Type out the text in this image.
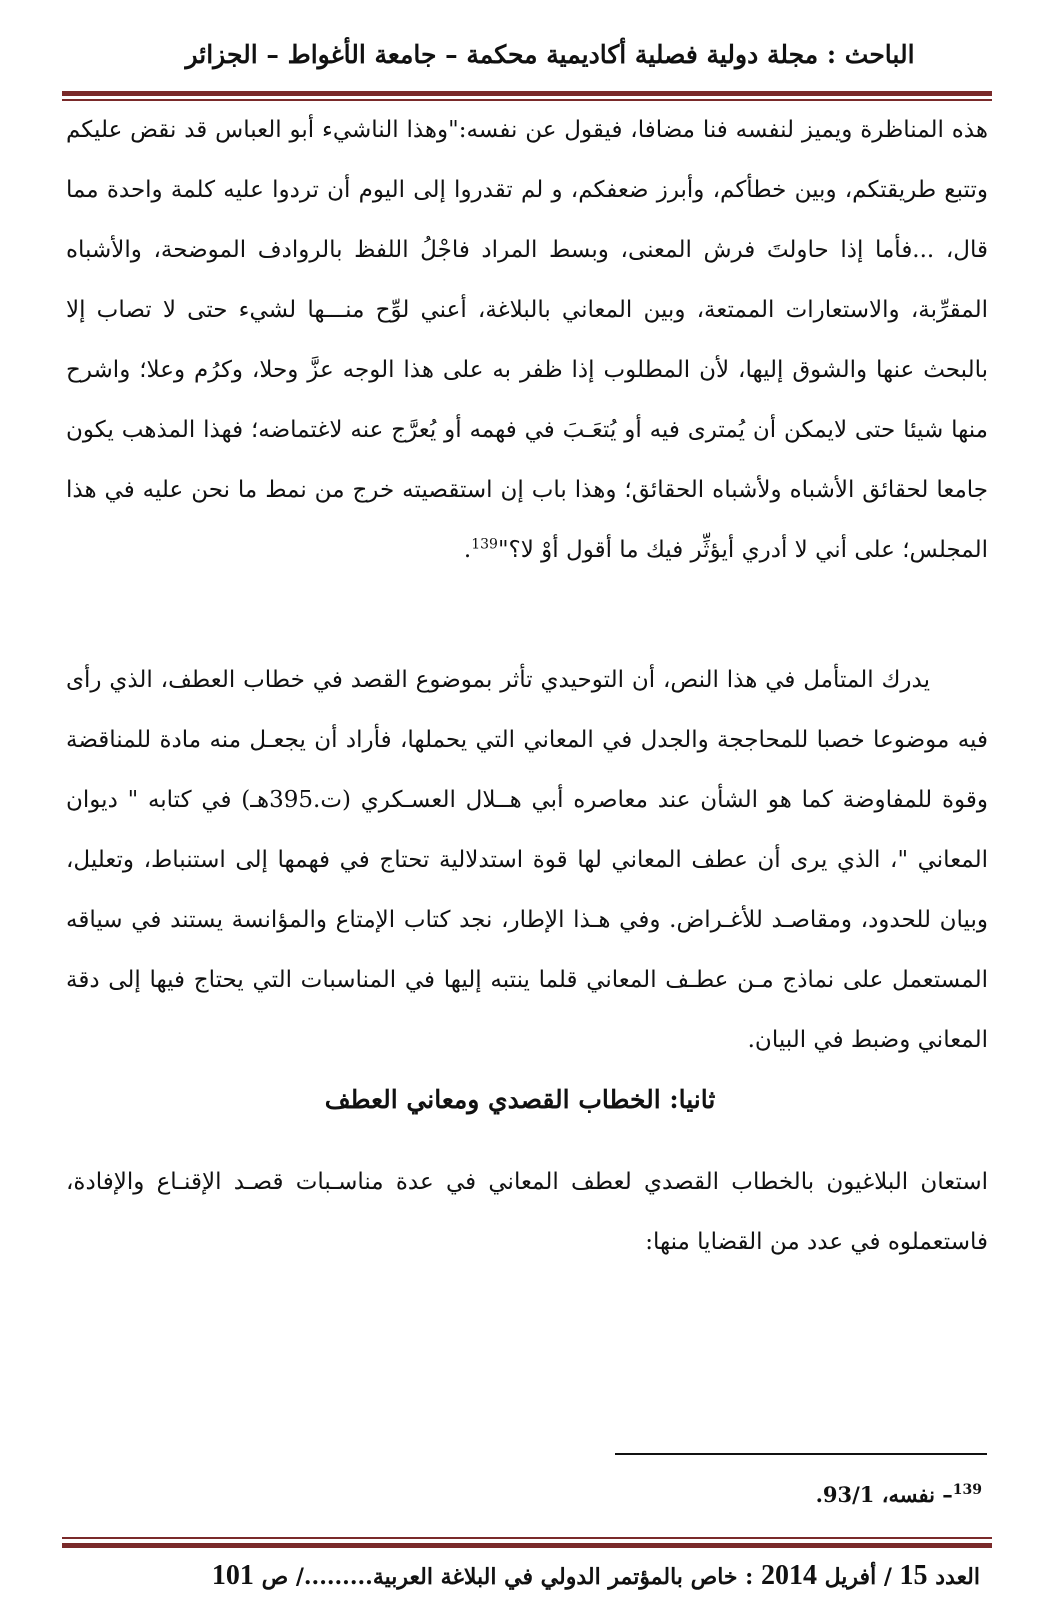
الباحث : مجلة دولية فصلية أكاديمية محكمة – جامعة الأغواط – الجزائر

هذه المناظرة ويميز لنفسه فنا مضافا، فيقول عن نفسه:"وهذا الناشيء أبو العباس قد نقض عليكم وتتبع طريقتكم، وبين خطأكم، وأبرز ضعفكم، و لم تقدروا إلى اليوم أن تردوا عليه كلمة واحدة مما قال، ...فأما إذا حاولتَ فرش المعنى، وبسط المراد فاجْلُ اللفظ بالروادف الموضحة، والأشباه المقرِّبة، والاستعارات الممتعة، وبين المعاني بالبلاغة، أعني لوِّح منـــها لشيء حتى لا تصاب إلا بالبحث عنها والشوق إليها، لأن المطلوب إذا ظفر به على هذا الوجه عزَّ وحلا، وكرُم وعلا؛ واشرح منها شيئا حتى لايمكن أن يُمترى فيه أو يُتعَـبَ في فهمه أو يُعرَّج عنه لاغتماضه؛ فهذا المذهب يكون جامعا لحقائق الأشباه ولأشباه الحقائق؛ وهذا باب إن استقصيته خرج من نمط ما نحن عليه في هذا المجلس؛ على أني لا أدري أيؤثِّر فيك ما أقول أوْ لا؟"$^{139}$.

يدرك المتأمل في هذا النص، أن التوحيدي تأثر بموضوع القصد في خطاب العطف، الذي رأى فيه موضوعا خصبا للمحاججة والجدل في المعاني التي يحملها، فأراد أن يجعـل منه مادة للمناقضة وقوة للمفاوضة كما هو الشأن عند معاصره أبي هــلال العسـكري (ت.395هـ) في كتابه " ديوان المعاني "، الذي يرى أن عطف المعاني لها قوة استدلالية تحتاج في فهمها إلى استنباط، وتعليل، وبيان للحدود، ومقاصـد للأغـراض. وفي هـذا الإطار، نجد كتاب الإمتاع والمؤانسة يستند في سياقه المستعمل على نماذج مـن عطـف المعاني قلما ينتبه إليها في المناسبات التي يحتاج فيها إلى دقة المعاني وضبط في البيان.

ثانيا: الخطاب القصدي ومعاني العطف

استعان البلاغيون بالخطاب القصدي لعطف المعاني في عدة مناسـبات قصـد الإقنـاع والإفادة، فاستعملوه في عدد من القضايا منها:

$^{139}$– نفسه، 93/1.
العدد 15 / أفريل 2014 : خاص بالمؤتمر الدولي في البلاغة العربية........./ ص 101
